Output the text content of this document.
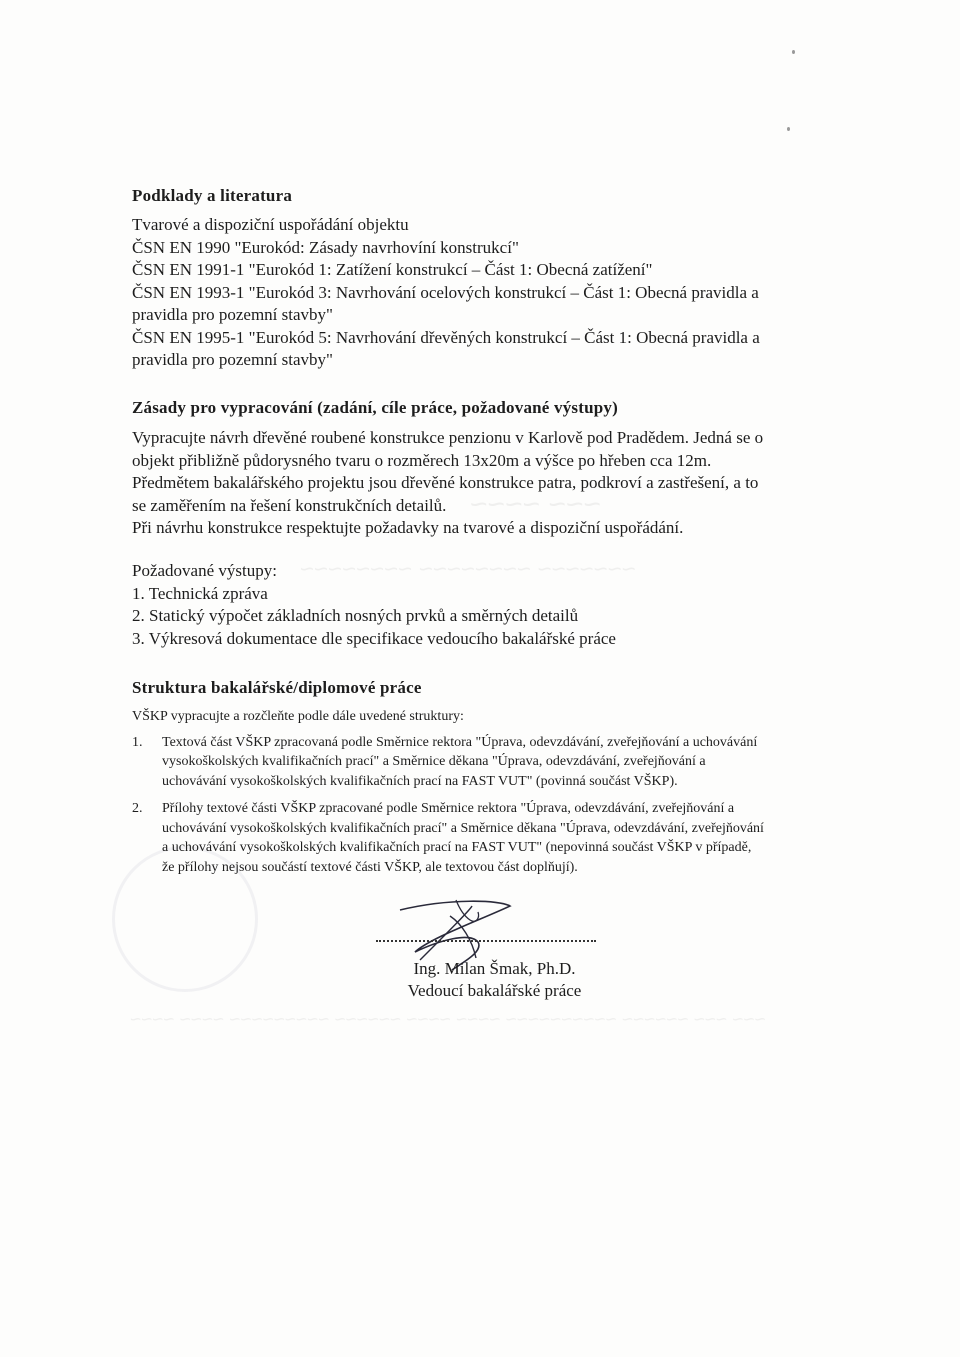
~~~ ~~~~
~~~~~~~ ~~~~~~~~ ~~~~~~~~
~~~ ~~~ ~~~~~~ ~~~~~~~~~~ ~~~~ ~~~~ ~~~~~~ ~~~~~~~~~ ~~~~ ~~~~
Podklady a literatura
Tvarové a dispoziční uspořádání objektu
ČSN EN 1990 "Eurokód: Zásady navrhovíní konstrukcí"
ČSN EN 1991-1 "Eurokód 1: Zatížení konstrukcí – Část 1: Obecná zatížení"
ČSN EN 1993-1 "Eurokód 3: Navrhování ocelových konstrukcí – Část 1: Obecná pravidla a
pravidla pro pozemní stavby"
ČSN EN 1995-1 "Eurokód 5: Navrhování dřevěných konstrukcí – Část 1: Obecná pravidla a
pravidla pro pozemní stavby"
Zásady pro vypracování (zadání, cíle práce, požadované výstupy)
Vypracujte návrh dřevěné roubené konstrukce penzionu v Karlově pod Pradědem. Jedná se o
objekt přibližně půdorysného tvaru o rozměrech 13x20m a výšce po hřeben cca 12m.
Předmětem bakalářského projektu jsou dřevěné konstrukce patra, podkroví a zastřešení, a to
se zaměřením na řešení konstrukčních detailů.
Při návrhu konstrukce respektujte požadavky na tvarové a dispoziční uspořádání.
Požadované výstupy:
1. Technická zpráva
2. Statický výpočet základních nosných prvků a směrných detailů
3. Výkresová dokumentace dle specifikace vedoucího bakalářské práce
Struktura bakalářské/diplomové práce

VŠKP vypracujte a rozčleňte podle dále uvedené struktury:

1. Textová část VŠKP zpracovaná podle Směrnice rektora "Úprava, odevzdávání, zveřejňování a uchovávání
vysokoškolských kvalifikačních prací" a Směrnice děkana "Úprava, odevzdávání, zveřejňování a
uchovávání vysokoškolských kvalifikačních prací na FAST VUT" (povinná součást VŠKP).
2. Přílohy textové části VŠKP zpracované podle Směrnice rektora "Úprava, odevzdávání, zveřejňování a
uchovávání vysokoškolských kvalifikačních prací" a Směrnice děkana "Úprava, odevzdávání, zveřejňování
a uchovávání vysokoškolských kvalifikačních prací na FAST VUT" (nepovinná součást VŠKP v případě,
že přílohy nejsou součástí textové části VŠKP, ale textovou část doplňují).
Ing. Milan Šmak, Ph.D.
Vedoucí bakalářské práce
